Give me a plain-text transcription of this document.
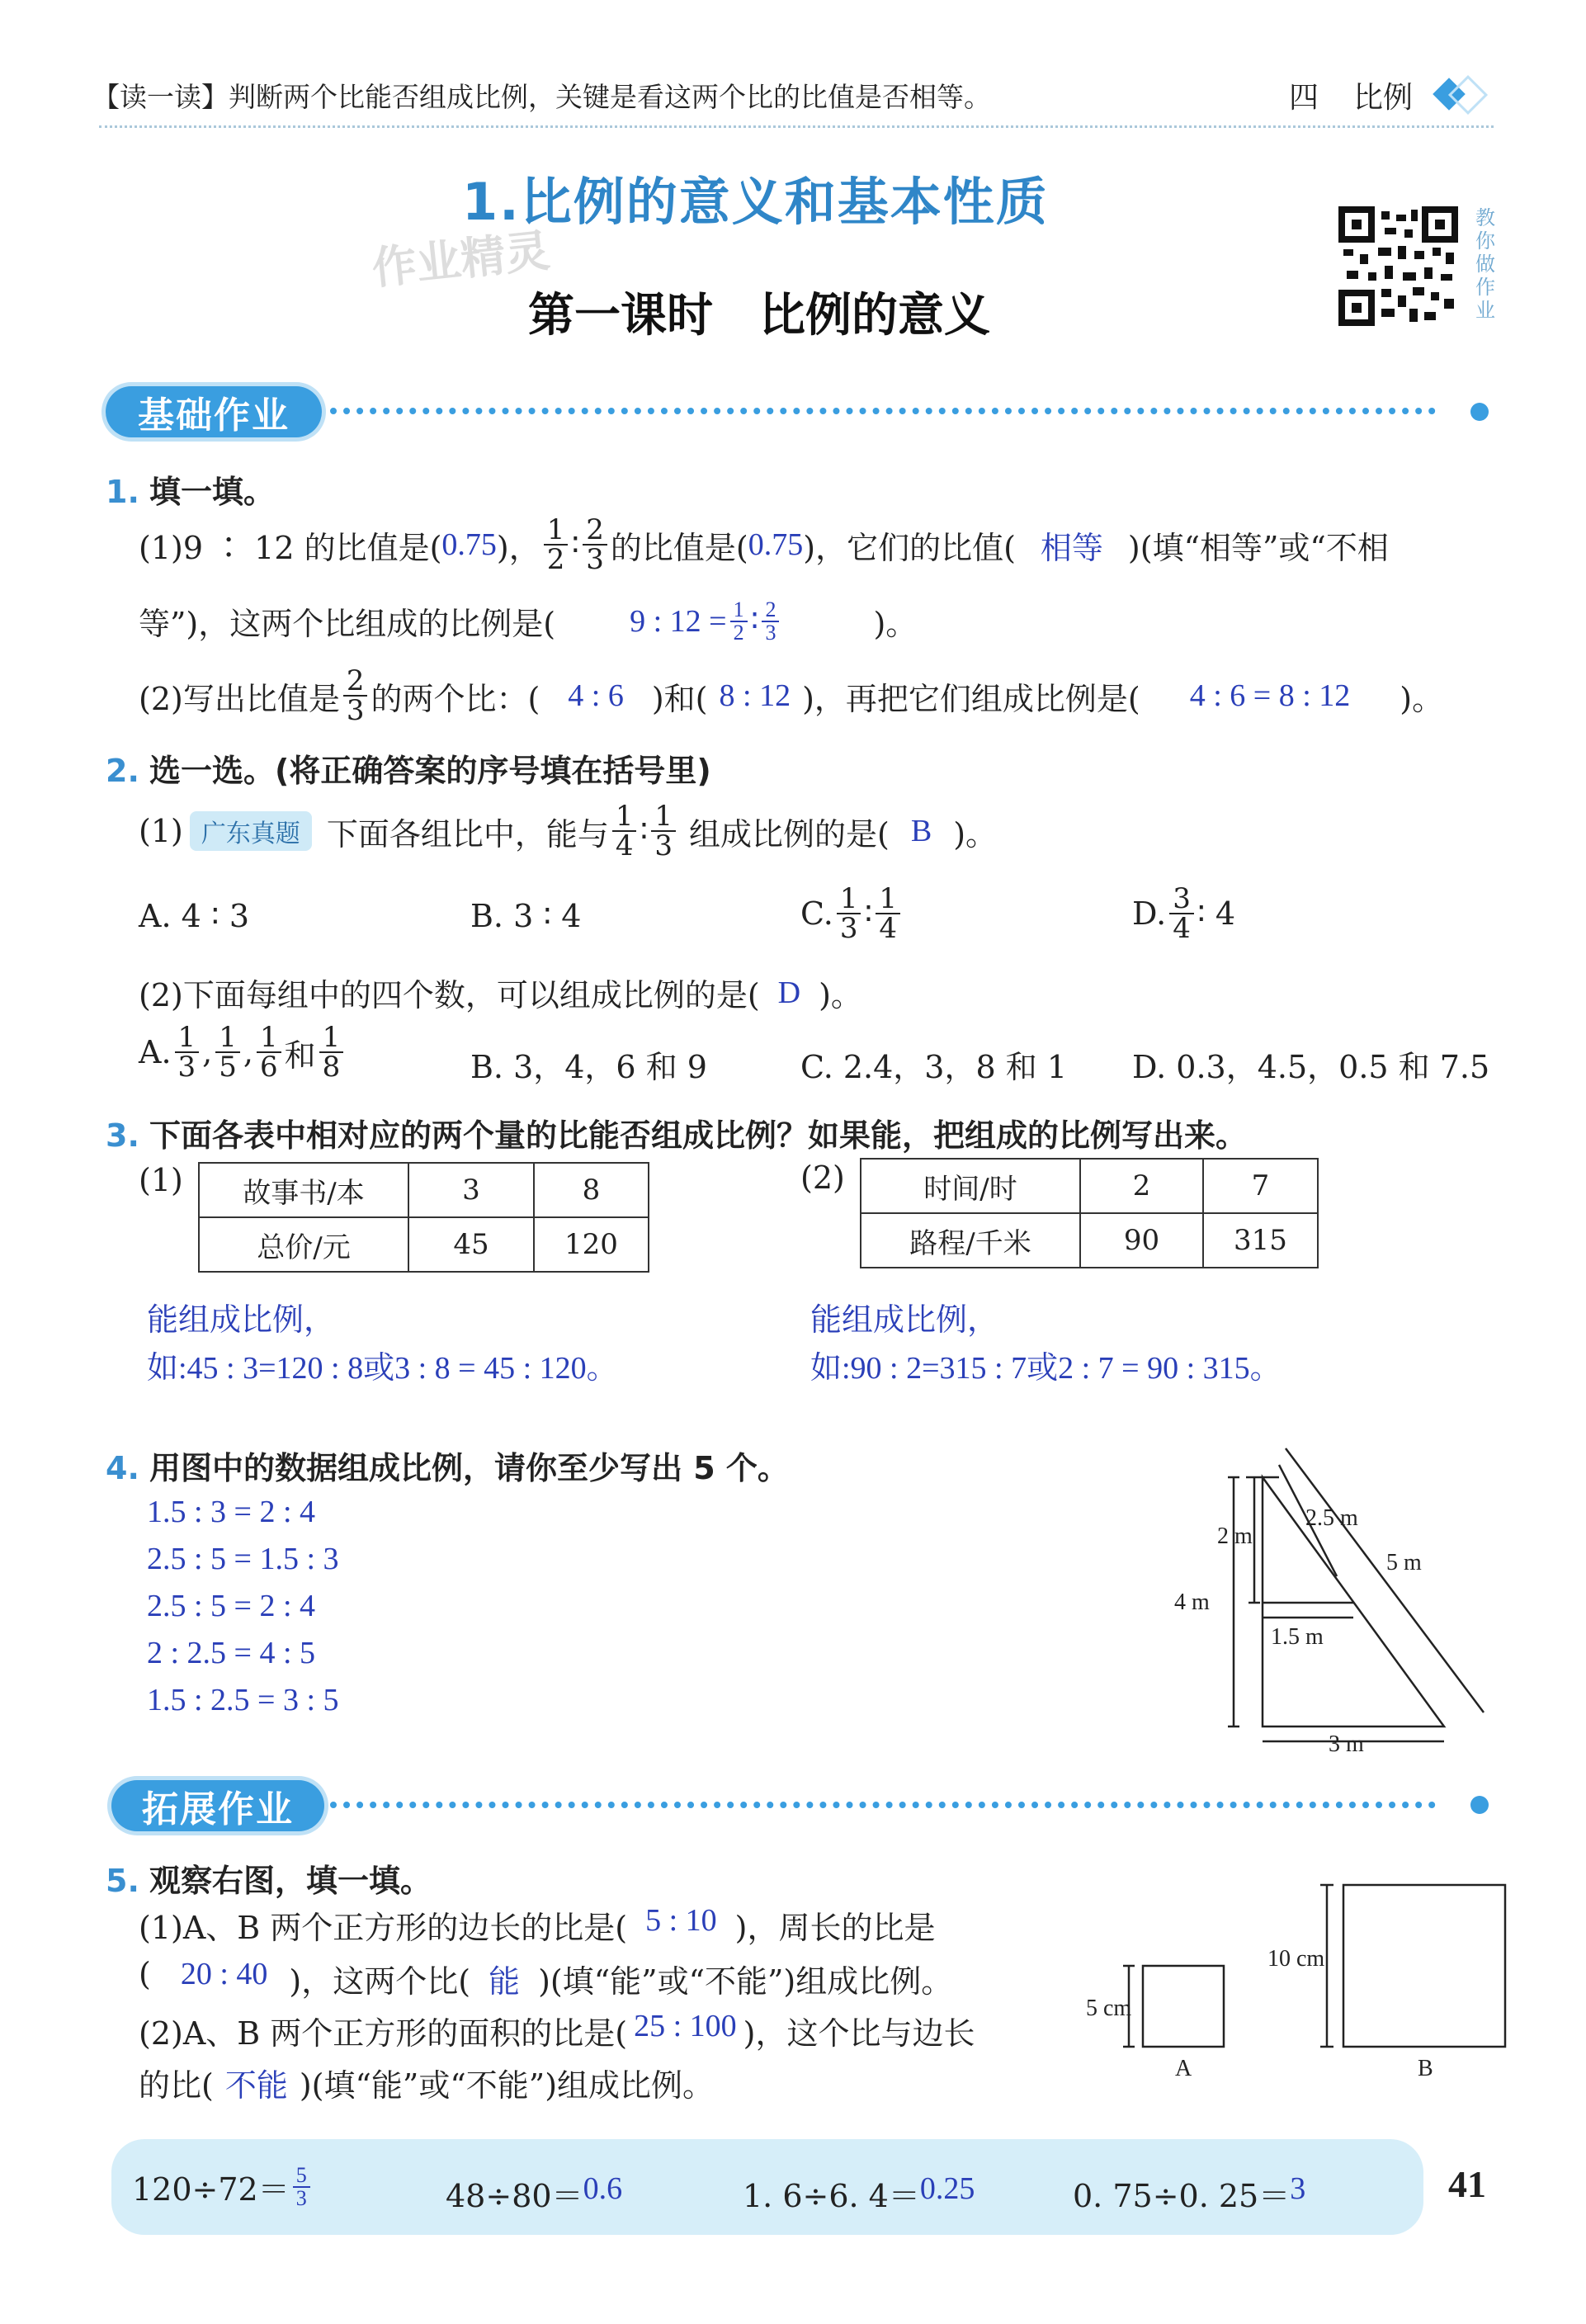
【读一读】判断两个比能否组成比例，关键是看这两个比的比值是否相等。	四 比例
1.比例的意义和基本性质
作业精灵
第一课时　比例的意义
教你做作业
基础作业
1. 填一填。
(1)9 ∶ 12 的比值是( 0.75 )， $\frac{1}{2}$ ∶ $\frac{2}{3}$ 的比值是( 0.75 )，它们的比值( 相等 )(填“相等”或“不相
等”)，这两个比组成的比例是( 9 : $12 = \frac{1}{2}$ ∶ $\frac{2}{3}$	)。
(2)写出比值是 $\frac{2}{3}$ 的两个比：( 4 : 6 )和( 8 : 12 )，再把它们组成比例是( 4 : 6 = 8 : 12 )。
2. 选一选。(将正确答案的序号填在括号里)
(1) 广东真题 下面各组比中，能与 $\frac{1}{4}$ ∶ $\frac{1}{3}$ 组成比例的是( B )。
A. 4 ∶ 3	B. 3 ∶ 4	C. $\frac{1}{3}$ ∶ $\frac{1}{4}$	D. $\frac{3}{4}$ ∶ 4
(2)下面每组中的四个数，可以组成比例的是( D )。
A. $\frac{1}{3}$ , $\frac{1}{5}$ , $\frac{1}{6}$ 和 $\frac{1}{8}$	B. 3，4，6 和 9	C. 2.4，3，8 和 1 D. 0.3，4.5，0.5 和 7.5
3. 下面各表中相对应的两个量的比能否组成比例？如果能，把组成的比例写出来。
(1) 故事书/本	3	8
总价/元	45	120
(2)	时间/时	2	7
路程/千米	90	315
能组成比例，
如:45 : 3=120 : 8或3 : 8 = 45 : 120。
能组成比例，
如:90 : 2=315 : 7或2 : 7 = 90 : 315。
4. 用图中的数据组成比例，请你至少写出 5 个。
1.5 : 3 = 2 : 4
2.5 : 5 = 1.5 : 3
2.5 : 5 = 2 : 4
2 : 2.5 = 4 : 5
1.5 : 2.5 = 3 : 5
2 m
4 m
2.5 m
5 m
1.5 m
3 m
拓展作业
5. 观察右图，填一填。
(1)A、B 两个正方形的边长的比是( 5 : 10 )，周长的比是
( 20 : 40 )，这两个比( 能 )(填“能”或“不能”)组成比例。
(2)A、B 两个正方形的面积的比是( 25 : 100 )，这个比与边长
的比( 不能 )(填“能”或“不能”)组成比例。
5 cm
10 cm
A	B
$120\div 72= \frac{5}{3}$	48÷80＝ 0.6	1. 6÷6. 4＝ 0.25	0. 75÷0. 25＝ 3	41
